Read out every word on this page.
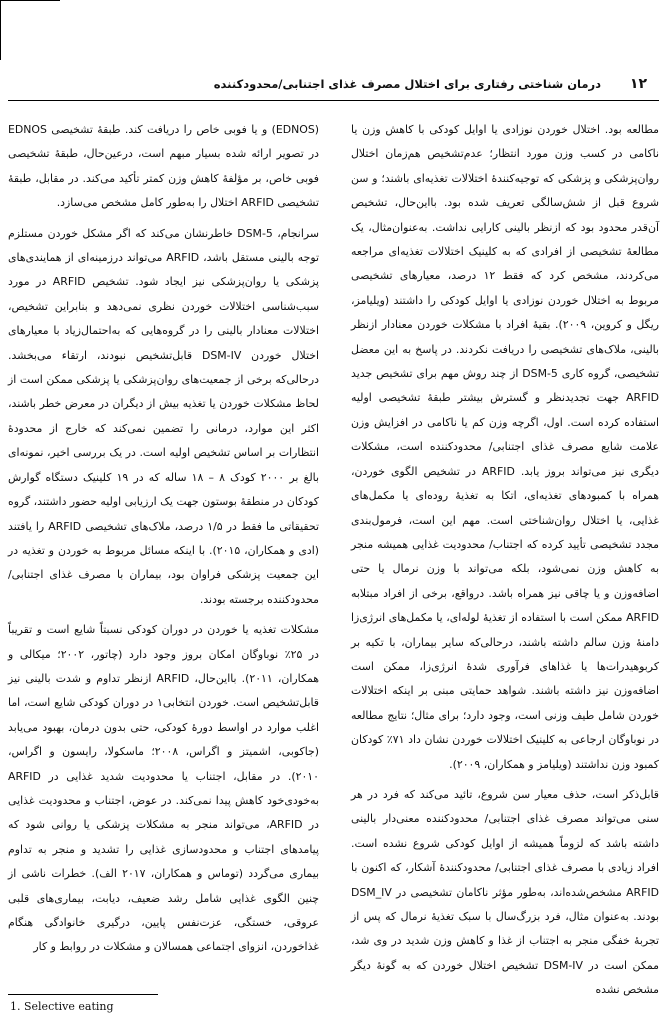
۱۲
درمان شناختی رفتاری برای اختلال مصرف غذای اجتنابی/محدودکننده

مطالعه بود. اختلال خوردن نوزادی یا اوایل کودکی با کاهش وزن یا ناکامی در کسب وزن مورد انتظار؛ عدم‌تشخیص هم‌زمان اختلال روان‌پزشکی و پزشکی که توجیه‌کنندهٔ اختلالات تغذیه‌ای باشند؛ و سن شروع قبل از شش‌سالگی تعریف شده بود. بااین‌حال، تشخیص آن‌قدر محدود بود که ازنظر بالینی کارایی نداشت. به‌عنوان‌مثال، یک مطالعهٔ تشخیصی از افرادی که به کلینیک اختلالات تغذیه‌ای مراجعه می‌کردند، مشخص کرد که فقط ۱۲ درصد، معیارهای تشخیصی مربوط به اختلال خوردن نوزادی یا اوایل کودکی را داشتند (ویلیامز، ریگل و کروین، ۲۰۰۹). بقیهٔ افراد با مشکلات خوردن معنادار ازنظر بالینی، ملاک‌های تشخیصی را دریافت نکردند. در پاسخ به این معضل تشخیصی، گروه کاری DSM-5 از چند روش مهم برای تشخیص جدید ARFID جهت تجدیدنظر و گسترش بیشتر طبقهٔ تشخیصی اولیه استفاده کرده است. اول، اگرچه وزن کم یا ناکامی در افزایش وزن علامت شایع مصرف غذای اجتنابی/ محدودکننده است، مشکلات دیگری نیز می‌تواند بروز یابد. ARFID در تشخیص الگوی خوردن، همراه با کمبودهای تغذیه‌ای، اتکا به تغذیهٔ روده‌ای یا مکمل‌های غذایی، یا اختلال روان‌شناختی است. مهم این است، فرمول‌بندی مجدد تشخیصی تأیید کرده که اجتناب/ محدودیت غذایی همیشه منجر به کاهش وزن نمی‌شود، بلکه می‌تواند با وزن نرمال یا حتی اضافه‌وزن و یا چاقی نیز همراه باشد. درواقع، برخی از افراد مبتلابه ARFID ممکن است با استفاده از تغذیهٔ لوله‌ای، یا مکمل‌های انرژی‌زا دامنهٔ وزن سالم داشته باشند، درحالی‌که سایر بیماران، با تکیه بر کربوهیدرات‌ها یا غذاهای فرآوری شدهٔ انرژی‌زا، ممکن است اضافه‌وزن نیز داشته باشند. شواهد حمایتی مبنی بر اینکه اختلالات خوردن شامل طیف وزنی است، وجود دارد؛ برای مثال؛ نتایج مطالعه در نوباوگان ارجاعی به کلینیک اختلالات خوردن نشان داد ۷۱٪ کودکان کمبود وزن نداشتند (ویلیامز و همکاران، ۲۰۰۹).

قابل‌ذکر است، حذف معیار سن شروع، تائید می‌کند که فرد در هر سنی می‌تواند مصرف غذای اجتنابی/ محدودکننده معنی‌دار بالینی داشته باشد که لزوماً همیشه از اوایل کودکی شروع نشده است. افراد زیادی با مصرف غذای اجتنابی/ محدودکنندهٔ آشکار، که اکنون با ARFID مشخص‌شده‌اند، به‌طور مؤثر ناکامان تشخیصی در DSM_IV بودند. به‌عنوان مثال، فرد بزرگ‌سال با سبک تغذیهٔ نرمال که پس از تجربهٔ خفگی منجر به اجتناب از غذا و کاهش وزن شدید در وی شد، ممکن است در DSM-IV تشخیص اختلال خوردن که به گونهٔ دیگر مشخص نشده

(EDNOS) و یا فوبی خاص را دریافت کند. طبقهٔ تشخیصی EDNOS در تصویر ارائه شده بسیار مبهم است، درعین‌حال، طبقهٔ تشخیصی فوبی خاص، بر مؤلفهٔ کاهش وزن کمتر تأکید می‌کند. در مقابل، طبقهٔ تشخیصی ARFID اختلال را به‌طور کامل مشخص می‌سازد.

سرانجام، DSM-5 خاطرنشان می‌کند که اگر مشکل خوردن مستلزم توجه بالینی مستقل باشد، ARFID می‌تواند درزمینه‌ای از همایندی‌های پزشکی یا روان‌پزشکی نیز ایجاد شود. تشخیص ARFID در مورد سبب‌شناسی اختلالات خوردن نظری نمی‌دهد و بنابراین تشخیص، اختلالات معنادار بالینی را در گروه‌هایی که به‌احتمال‌زیاد با معیارهای اختلال خوردن DSM-IV قابل‌تشخیص نبودند، ارتقاء می‌بخشد. درحالی‌که برخی از جمعیت‌های روان‌پزشکی یا پزشکی ممکن است از لحاظ مشکلات خوردن یا تغذیه بیش از دیگران در معرض خطر باشند، اکثر این موارد، درمانی را تضمین نمی‌کند که خارج از محدودهٔ انتظارات بر اساس تشخیص اولیه است. در یک بررسی اخیر، نمونه‌ای بالغ بر ۲۰۰۰ کودک ۸ – ۱۸ ساله که در ۱۹ کلینیک دستگاه گوارش کودکان در منطقهٔ بوستون جهت یک ارزیابی اولیه حضور داشتند، گروه تحقیقاتی ما فقط در ۱/۵ درصد، ملاک‌های تشخیصی ARFID را یافتند (ادی و همکاران، ۲۰۱۵). با اینکه مسائل مربوط به خوردن و تغذیه در این جمعیت پزشکی فراوان بود، بیماران با مصرف غذای اجتنابی/ محدودکننده برجسته بودند.

مشکلات تغذیه یا خوردن در دوران کودکی نسبتاً شایع است و تقریباً در ۲۵٪ نوباوگان امکان بروز وجود دارد (چاتور، ۲۰۰۲؛ میکالی و همکاران، ۲۰۱۱). بااین‌حال، ARFID ازنظر تداوم و شدت بالینی نیز قابل‌تشخیص است. خوردن انتخابی۱ در دوران کودکی شایع است، اما اغلب موارد در اواسط دورهٔ کودکی، حتی بدون درمان، بهبود می‌یابد (جاکوبی، اشمیتز و اگراس، ۲۰۰۸؛ ماسکولا، رایسون و اگراس، ۲۰۱۰). در مقابل، اجتناب یا محدودیت شدید غذایی در ARFID به‌خودی‌خود کاهش پیدا نمی‌کند. در عوض، اجتناب و محدودیت غذایی در ARFID، می‌تواند منجر به مشکلات پزشکی یا روانی شود که پیامدهای اجتناب و محدودسازی غذایی را تشدید و منجر به تداوم بیماری می‌گردد (توماس و همکاران، ۲۰۱۷ الف). خطرات ناشی از چنین الگوی غذایی شامل رشد ضعیف، دیابت، بیماری‌های قلبی عروقی، خستگی، عزت‌نفس پایین، درگیری خانوادگی هنگام غذاخوردن، انزوای اجتماعی همسالان و مشکلات در روابط و کار

1. Selective eating
